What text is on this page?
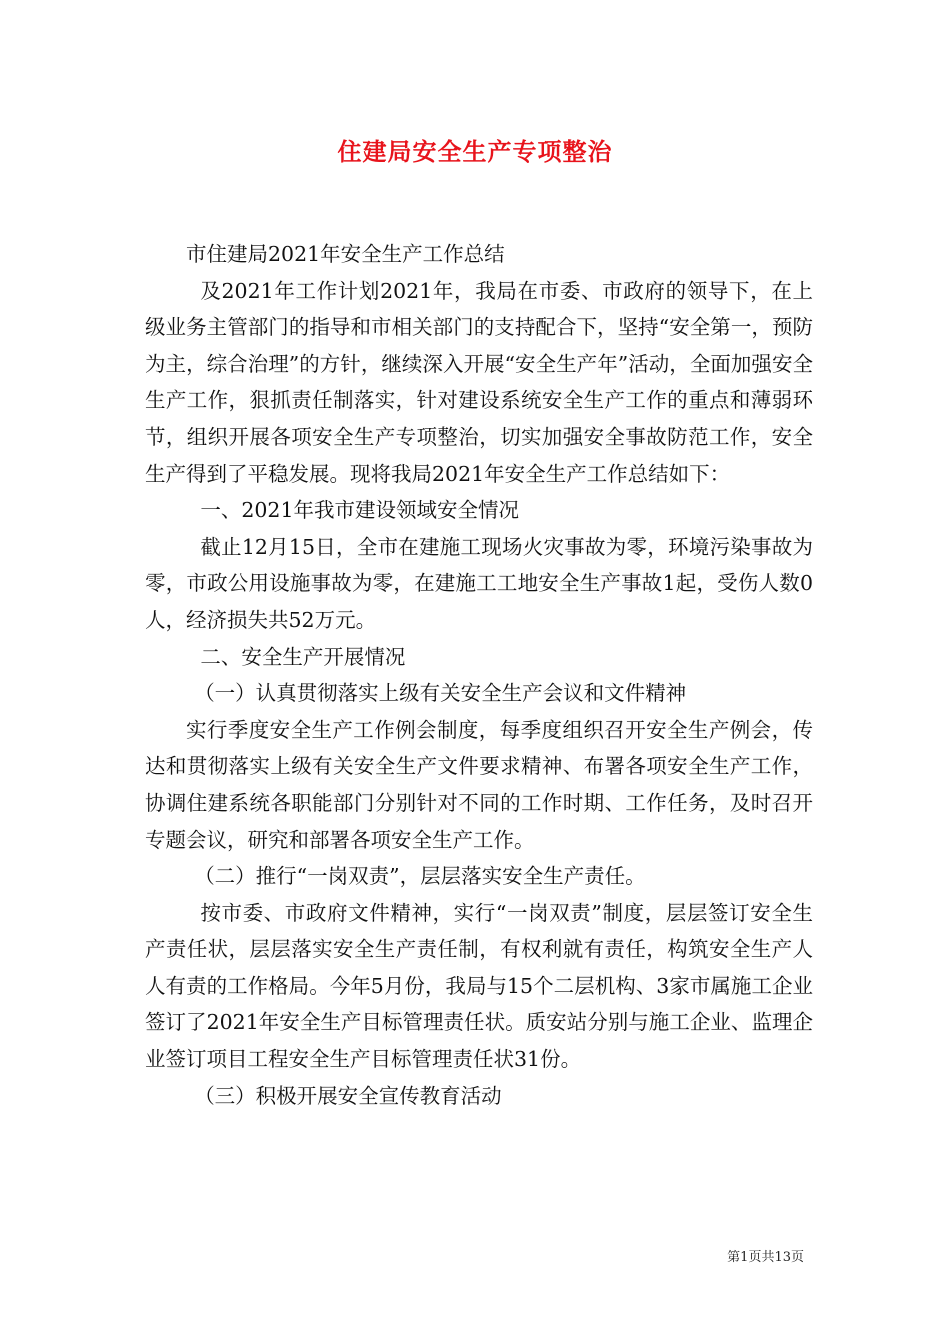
住建局安全生产专项整治

市住建局2021年安全生产工作总结

及2021年工作计划2021年，我局在市委、市政府的领导下，在上级业务主管部门的指导和市相关部门的支持配合下，坚持“安全第一，预防为主，综合治理”的方针，继续深入开展“安全生产年”活动，全面加强安全生产工作，狠抓责任制落实，针对建设系统安全生产工作的重点和薄弱环节，组织开展各项安全生产专项整治，切实加强安全事故防范工作，安全生产得到了平稳发展。现将我局2021年安全生产工作总结如下：

一、2021年我市建设领域安全情况

截止12月15日，全市在建施工现场火灾事故为零，环境污染事故为零，市政公用设施事故为零，在建施工工地安全生产事故1起，受伤人数0人，经济损失共52万元。

二、安全生产开展情况

（一）认真贯彻落实上级有关安全生产会议和文件精神

实行季度安全生产工作例会制度，每季度组织召开安全生产例会，传达和贯彻落实上级有关安全生产文件要求精神、布署各项安全生产工作，协调住建系统各职能部门分别针对不同的工作时期、工作任务，及时召开专题会议，研究和部署各项安全生产工作。

（二）推行“一岗双责”，层层落实安全生产责任。

按市委、市政府文件精神，实行“一岗双责”制度，层层签订安全生产责任状，层层落实安全生产责任制，有权利就有责任，构筑安全生产人人有责的工作格局。今年5月份，我局与15个二层机构、3家市属施工企业签订了2021年安全生产目标管理责任状。质安站分别与施工企业、监理企业签订项目工程安全生产目标管理责任状31份。

（三）积极开展安全宣传教育活动

第1页共13页
